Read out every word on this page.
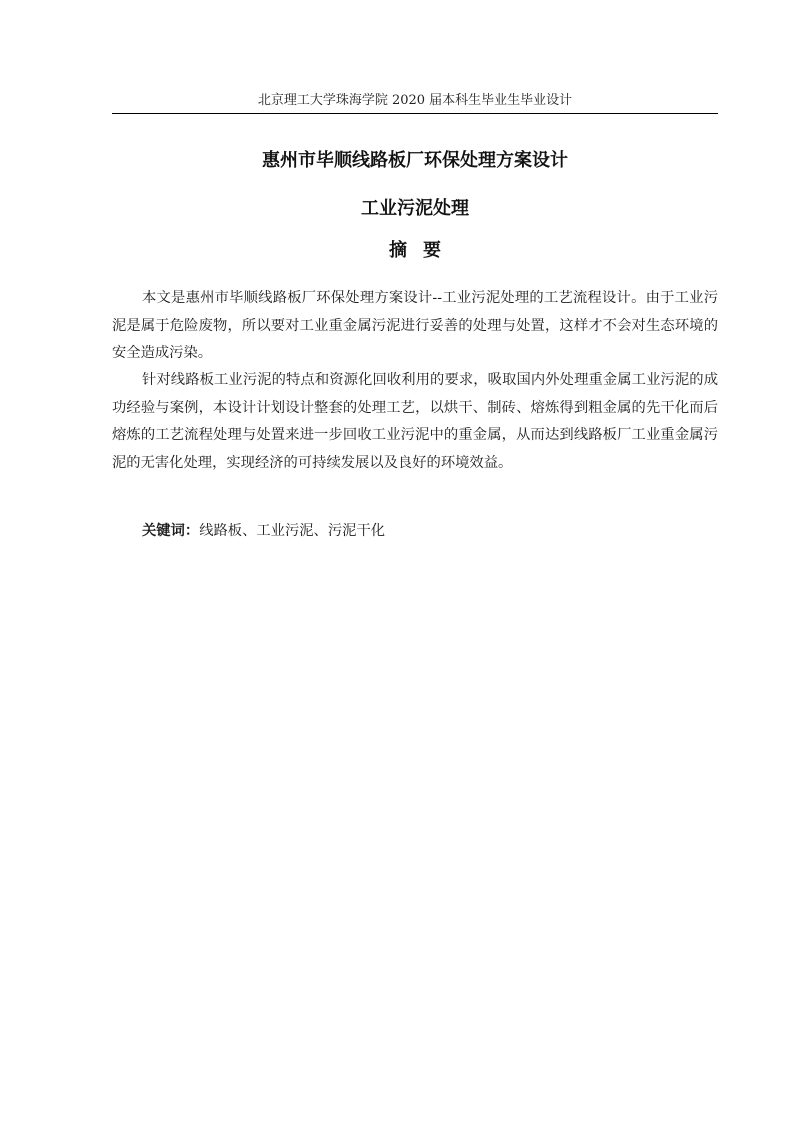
北京理工大学珠海学院 2020 届本科生毕业生毕业设计
惠州市毕顺线路板厂环保处理方案设计
工业污泥处理
摘要

本文是惠州市毕顺线路板厂环保处理方案设计--工业污泥处理的工艺流程设计。由于工业污泥是属于危险废物，所以要对工业重金属污泥进行妥善的处理与处置，这样才不会对生态环境的安全造成污染。

针对线路板工业污泥的特点和资源化回收利用的要求，吸取国内外处理重金属工业污泥的成功经验与案例，本设计计划设计整套的处理工艺，以烘干、制砖、熔炼得到粗金属的先干化而后熔炼的工艺流程处理与处置来进一步回收工业污泥中的重金属，从而达到线路板厂工业重金属污泥的无害化处理，实现经济的可持续发展以及良好的环境效益。

关键词：线路板、工业污泥、污泥干化
